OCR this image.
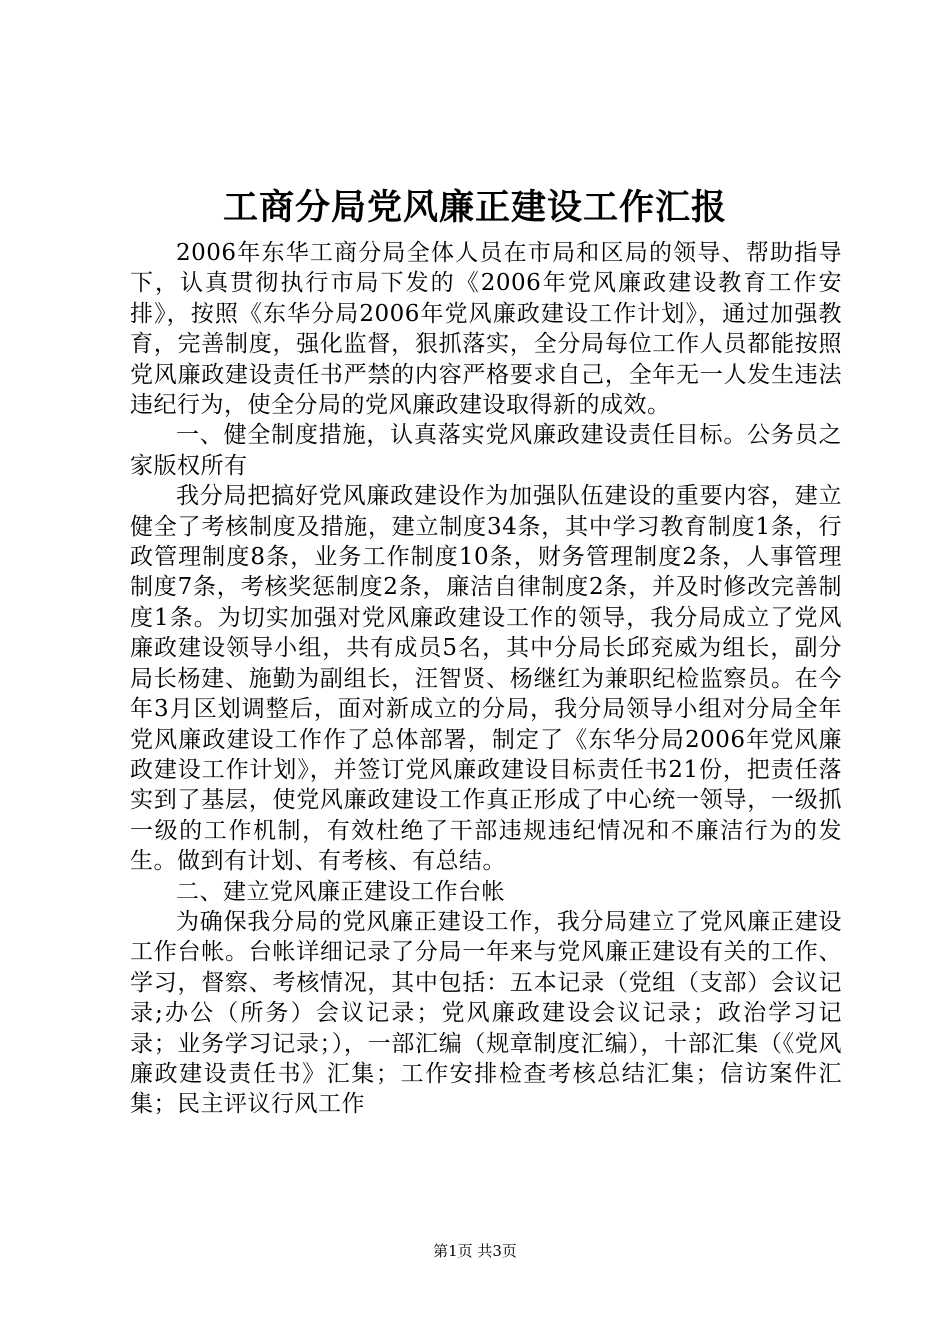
工商分局党风廉正建设工作汇报

2006年东华工商分局全体人员在市局和区局的领导、帮助指导下，认真贯彻执行市局下发的《2006年党风廉政建设教育工作安排》，按照《东华分局2006年党风廉政建设工作计划》，通过加强教育，完善制度，强化监督，狠抓落实，全分局每位工作人员都能按照党风廉政建设责任书严禁的内容严格要求自己，全年无一人发生违法违纪行为，使全分局的党风廉政建设取得新的成效。

一、健全制度措施，认真落实党风廉政建设责任目标。公务员之家版权所有

我分局把搞好党风廉政建设作为加强队伍建设的重要内容，建立健全了考核制度及措施，建立制度34条，其中学习教育制度1条，行政管理制度8条，业务工作制度10条，财务管理制度2条，人事管理制度7条，考核奖惩制度2条，廉洁自律制度2条，并及时修改完善制度1条。为切实加强对党风廉政建设工作的领导，我分局成立了党风廉政建设领导小组，共有成员5名，其中分局长邱兖威为组长，副分局长杨建、施勤为副组长，汪智贤、杨继红为兼职纪检监察员。在今年3月区划调整后，面对新成立的分局，我分局领导小组对分局全年党风廉政建设工作作了总体部署，制定了《东华分局2006年党风廉政建设工作计划》，并签订党风廉政建设目标责任书21份，把责任落实到了基层，使党风廉政建设工作真正形成了中心统一领导，一级抓一级的工作机制，有效杜绝了干部违规违纪情况和不廉洁行为的发生。做到有计划、有考核、有总结。

二、建立党风廉正建设工作台帐

为确保我分局的党风廉正建设工作，我分局建立了党风廉正建设工作台帐。台帐详细记录了分局一年来与党风廉正建设有关的工作、学习，督察、考核情况，其中包括：五本记录（党组（支部）会议记录;办公（所务）会议记录；党风廉政建设会议记录；政治学习记录；业务学习记录；），一部汇编（规章制度汇编），十部汇集（《党风廉政建设责任书》汇集；工作安排检查考核总结汇集；信访案件汇集；民主评议行风工作

第1页 共3页
